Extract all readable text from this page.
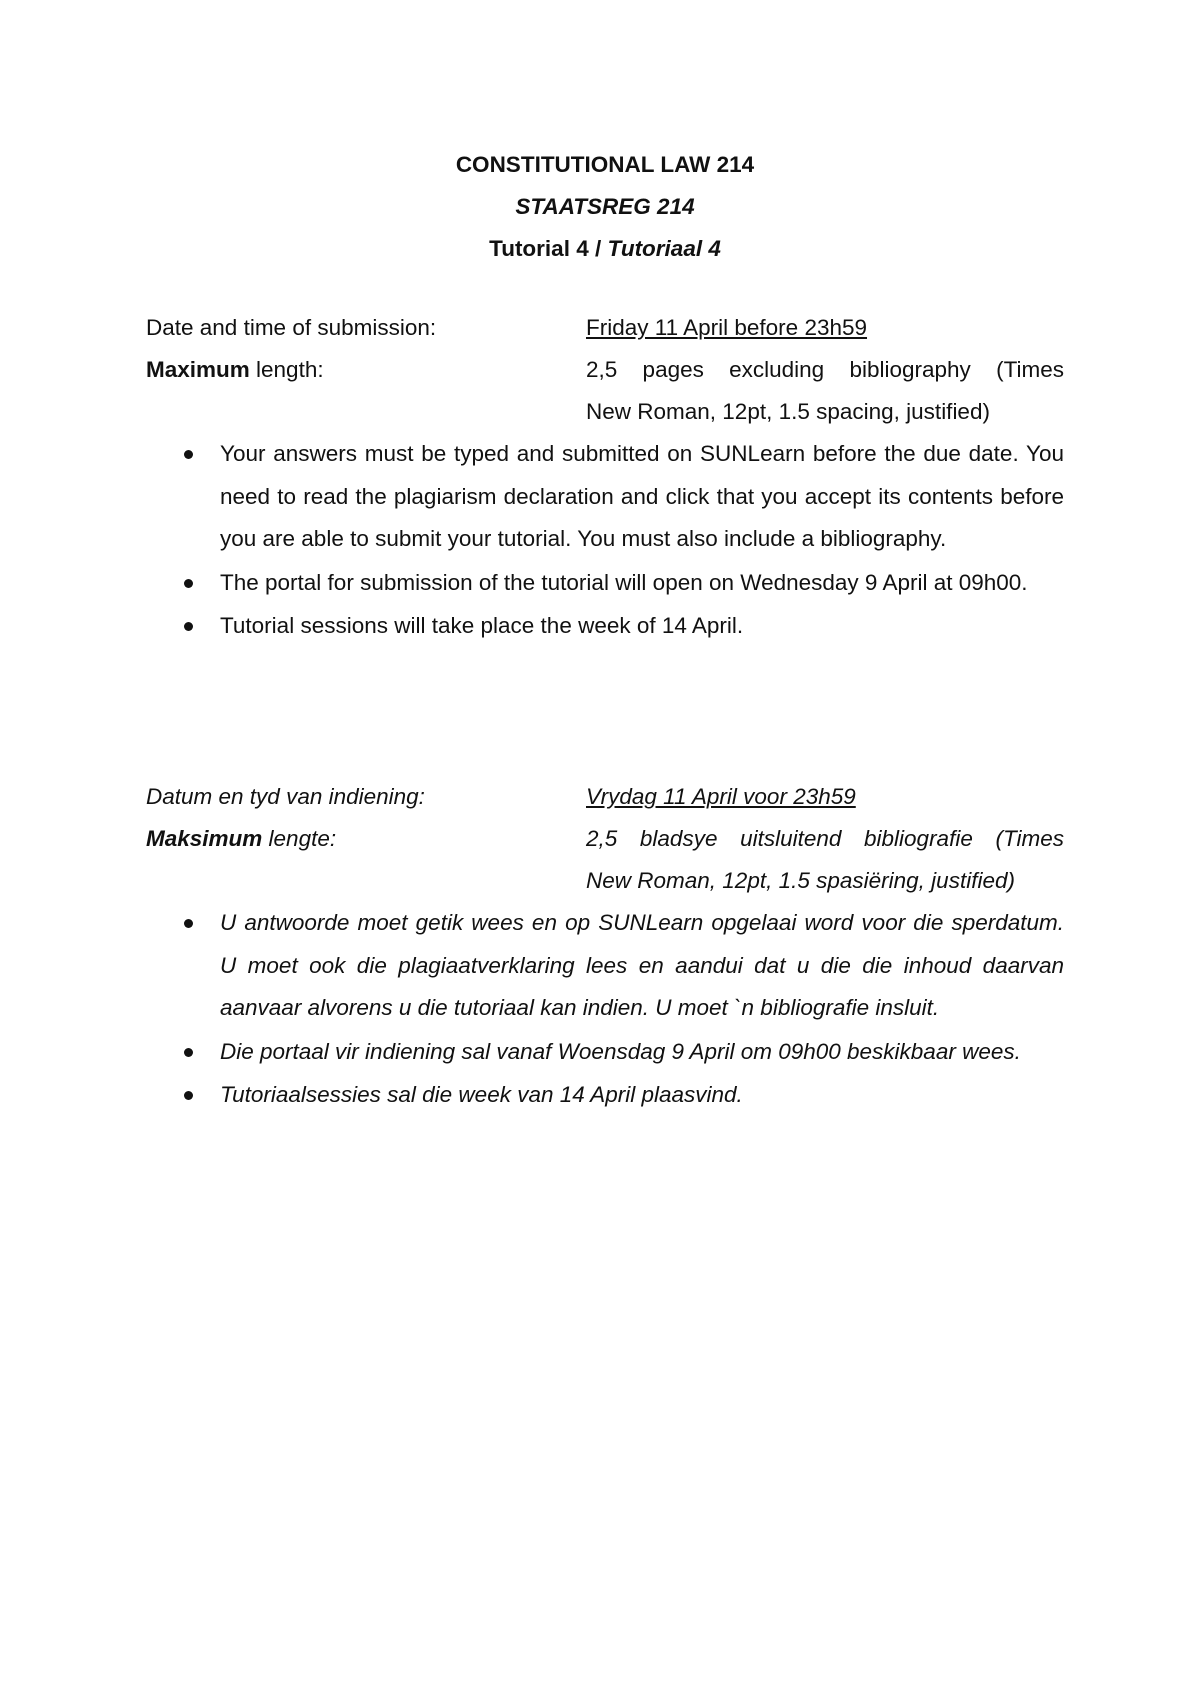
CONSTITUTIONAL LAW 214
STAATSREG 214
Tutorial 4 / Tutoriaal 4
Date and time of submission:	Friday 11 April before 23h59
Maximum length:	2,5 pages excluding bibliography (Times
New Roman, 12pt, 1.5 spacing, justified)
Your answers must be typed and submitted on SUNLearn before the due date. You need to read the plagiarism declaration and click that you accept its contents before you are able to submit your tutorial. You must also include a bibliography.
The portal for submission of the tutorial will open on Wednesday 9 April at 09h00.
Tutorial sessions will take place the week of 14 April.
Datum en tyd van indiening:	Vrydag 11 April voor 23h59
Maksimum lengte:	2,5 bladsye uitsluitend bibliografie (Times
New Roman, 12pt, 1.5 spasiëring, justified)
U antwoorde moet getik wees en op SUNLearn opgelaai word voor die sperdatum. U moet ook die plagiaatverklaring lees en aandui dat u die die inhoud daarvan aanvaar alvorens u die tutoriaal kan indien. U moet `n bibliografie insluit.
Die portaal vir indiening sal vanaf Woensdag 9 April om 09h00 beskikbaar wees.
Tutoriaalsessies sal die week van 14 April plaasvind.
